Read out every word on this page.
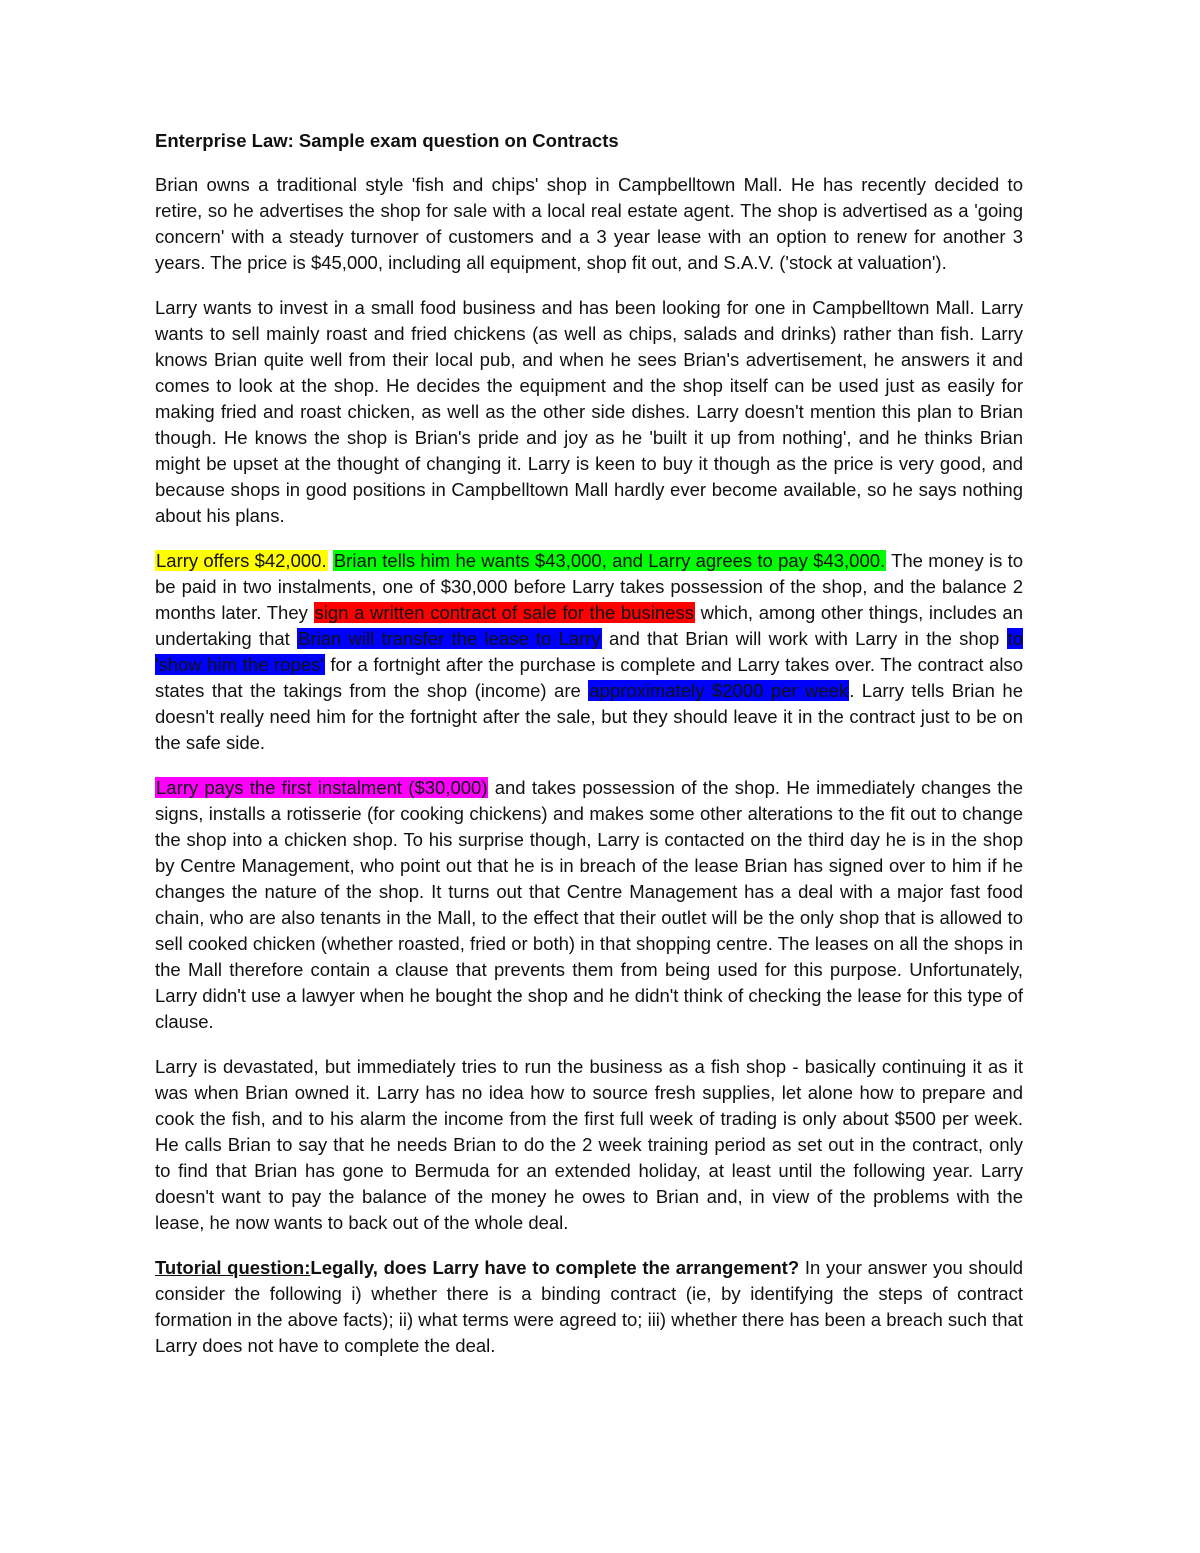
Enterprise Law: Sample exam question on Contracts

Brian owns a traditional style 'fish and chips' shop in Campbelltown Mall. He has recently decided to retire, so he advertises the shop for sale with a local real estate agent. The shop is advertised as a 'going concern' with a steady turnover of customers and a 3 year lease with an option to renew for another 3 years. The price is $45,000, including all equipment, shop fit out, and S.A.V. ('stock at valuation').

Larry wants to invest in a small food business and has been looking for one in Campbelltown Mall. Larry wants to sell mainly roast and fried chickens (as well as chips, salads and drinks) rather than fish. Larry knows Brian quite well from their local pub, and when he sees Brian's advertisement, he answers it and comes to look at the shop. He decides the equipment and the shop itself can be used just as easily for making fried and roast chicken, as well as the other side dishes. Larry doesn't mention this plan to Brian though. He knows the shop is Brian's pride and joy as he 'built it up from nothing', and he thinks Brian might be upset at the thought of changing it. Larry is keen to buy it though as the price is very good, and because shops in good positions in Campbelltown Mall hardly ever become available, so he says nothing about his plans.

Larry offers $42,000. Brian tells him he wants $43,000, and Larry agrees to pay $43,000. The money is to be paid in two instalments, one of $30,000 before Larry takes possession of the shop, and the balance 2 months later. They sign a written contract of sale for the business which, among other things, includes an undertaking that Brian will transfer the lease to Larry and that Brian will work with Larry in the shop to 'show him the ropes' for a fortnight after the purchase is complete and Larry takes over. The contract also states that the takings from the shop (income) are approximately $2000 per week. Larry tells Brian he doesn't really need him for the fortnight after the sale, but they should leave it in the contract just to be on the safe side.

Larry pays the first instalment ($30,000) and takes possession of the shop. He immediately changes the signs, installs a rotisserie (for cooking chickens) and makes some other alterations to the fit out to change the shop into a chicken shop. To his surprise though, Larry is contacted on the third day he is in the shop by Centre Management, who point out that he is in breach of the lease Brian has signed over to him if he changes the nature of the shop. It turns out that Centre Management has a deal with a major fast food chain, who are also tenants in the Mall, to the effect that their outlet will be the only shop that is allowed to sell cooked chicken (whether roasted, fried or both) in that shopping centre. The leases on all the shops in the Mall therefore contain a clause that prevents them from being used for this purpose. Unfortunately, Larry didn't use a lawyer when he bought the shop and he didn't think of checking the lease for this type of clause.

Larry is devastated, but immediately tries to run the business as a fish shop - basically continuing it as it was when Brian owned it. Larry has no idea how to source fresh supplies, let alone how to prepare and cook the fish, and to his alarm the income from the first full week of trading is only about $500 per week. He calls Brian to say that he needs Brian to do the 2 week training period as set out in the contract, only to find that Brian has gone to Bermuda for an extended holiday, at least until the following year. Larry doesn't want to pay the balance of the money he owes to Brian and, in view of the problems with the lease, he now wants to back out of the whole deal.

Tutorial question:Legally, does Larry have to complete the arrangement? In your answer you should consider the following i) whether there is a binding contract (ie, by identifying the steps of contract formation in the above facts); ii) what terms were agreed to; iii) whether there has been a breach such that Larry does not have to complete the deal.
